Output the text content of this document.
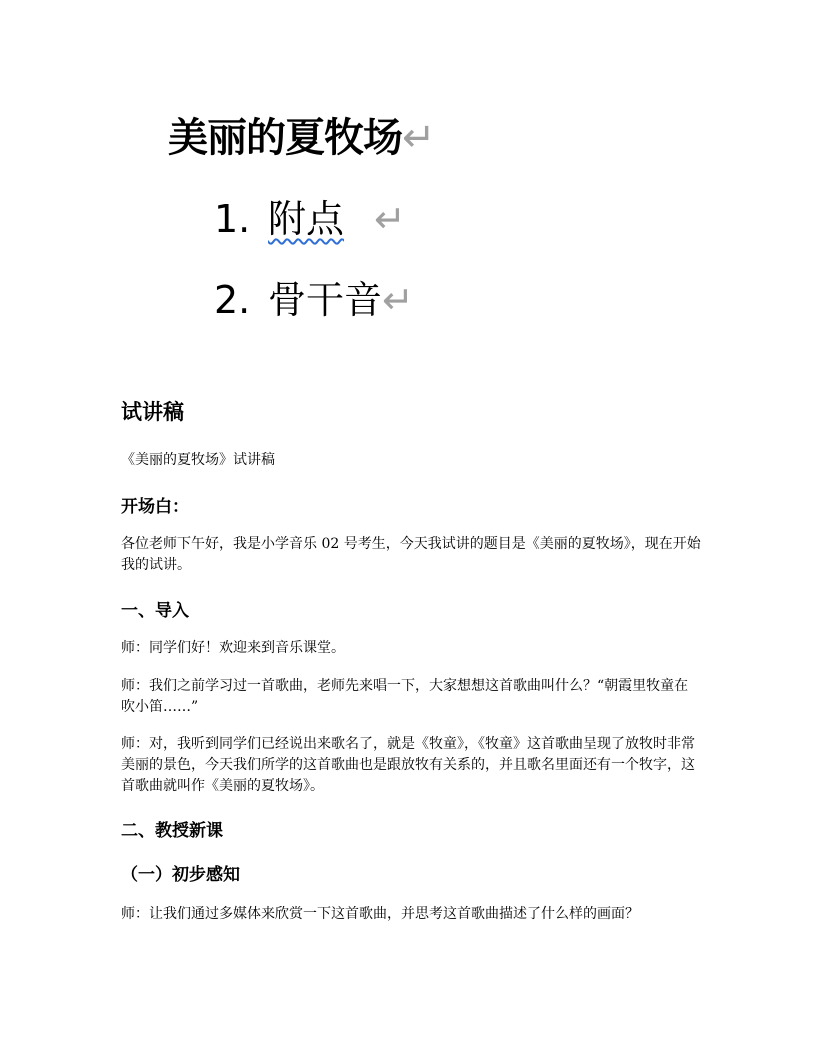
美丽的夏牧场↵
1. 附点 ↵
2. 骨干音↵
试讲稿
《美丽的夏牧场》试讲稿
开场白：
各位老师下午好，我是小学音乐 02 号考生，今天我试讲的题目是《美丽的夏牧场》，现在开始我的试讲。
一、导入
师：同学们好！欢迎来到音乐课堂。
师：我们之前学习过一首歌曲，老师先来唱一下，大家想想这首歌曲叫什么？“朝霞里牧童在吹小笛……”
师：对，我听到同学们已经说出来歌名了，就是《牧童》，《牧童》这首歌曲呈现了放牧时非常美丽的景色，今天我们所学的这首歌曲也是跟放牧有关系的，并且歌名里面还有一个牧字，这首歌曲就叫作《美丽的夏牧场》。
二、教授新课
（一）初步感知
师：让我们通过多媒体来欣赏一下这首歌曲，并思考这首歌曲描述了什么样的画面？
